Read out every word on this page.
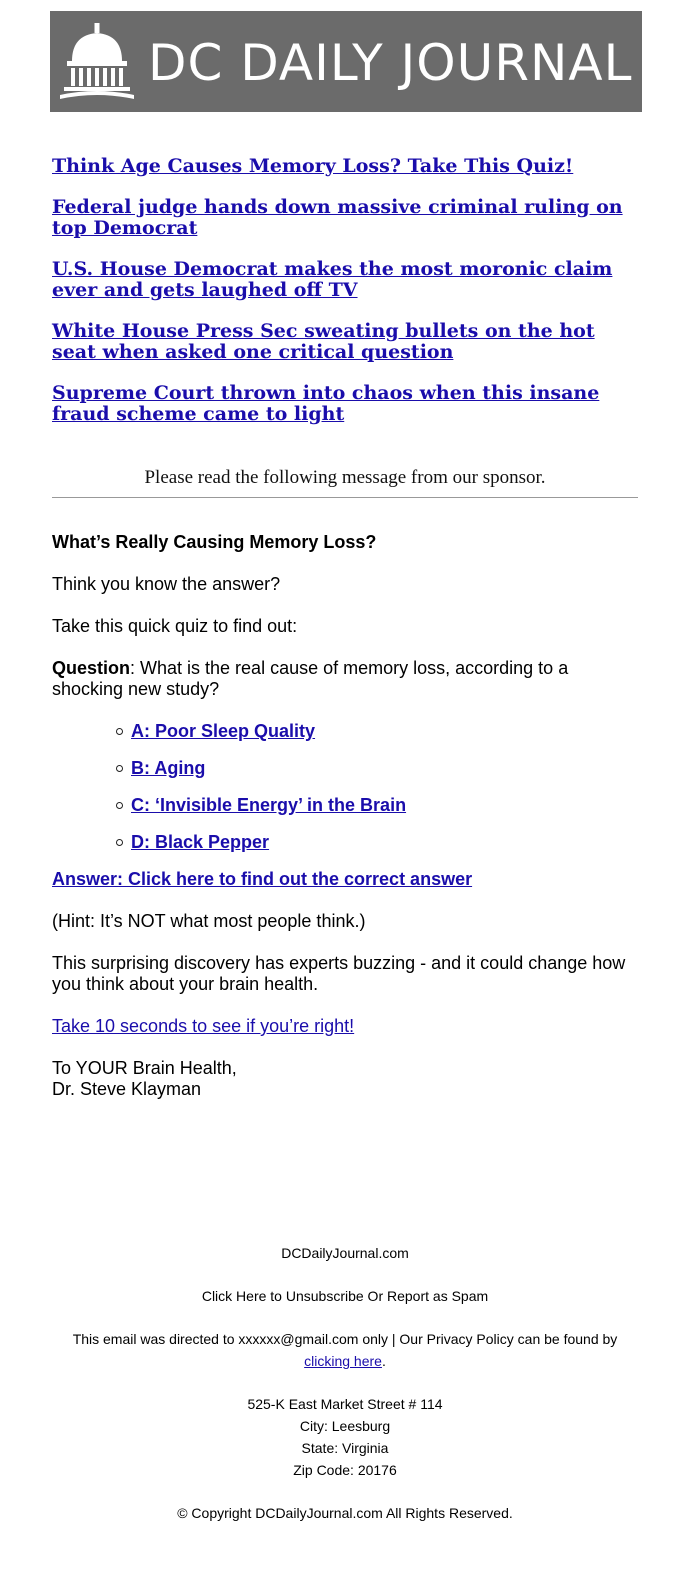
DC DAILY JOURNAL
Think Age Causes Memory Loss? Take This Quiz!
Federal judge hands down massive criminal ruling on top Democrat
U.S. House Democrat makes the most moronic claim ever and gets laughed off TV
White House Press Sec sweating bullets on the hot seat when asked one critical question
Supreme Court thrown into chaos when this insane fraud scheme came to light
Please read the following message from our sponsor.

What’s Really Causing Memory Loss?

Think you know the answer?

Take this quick quiz to find out:

Question: What is the real cause of memory loss, according to a shocking new study?

A: Poor Sleep Quality
B: Aging
C: ‘Invisible Energy’ in the Brain
D: Black Pepper

Answer: Click here to find out the correct answer

(Hint: It’s NOT what most people think.)

This surprising discovery has experts buzzing - and it could change how you think about your brain health.

Take 10 seconds to see if you’re right!

To YOUR Brain Health,
Dr. Steve Klayman

DCDailyJournal.com

Click Here to Unsubscribe Or Report as Spam

This email was directed to xxxxxx@gmail.com only | Our Privacy Policy can be found by
clicking here.

525-K East Market Street # 114
City: Leesburg
State: Virginia
Zip Code: 20176

© Copyright DCDailyJournal.com All Rights Reserved.
